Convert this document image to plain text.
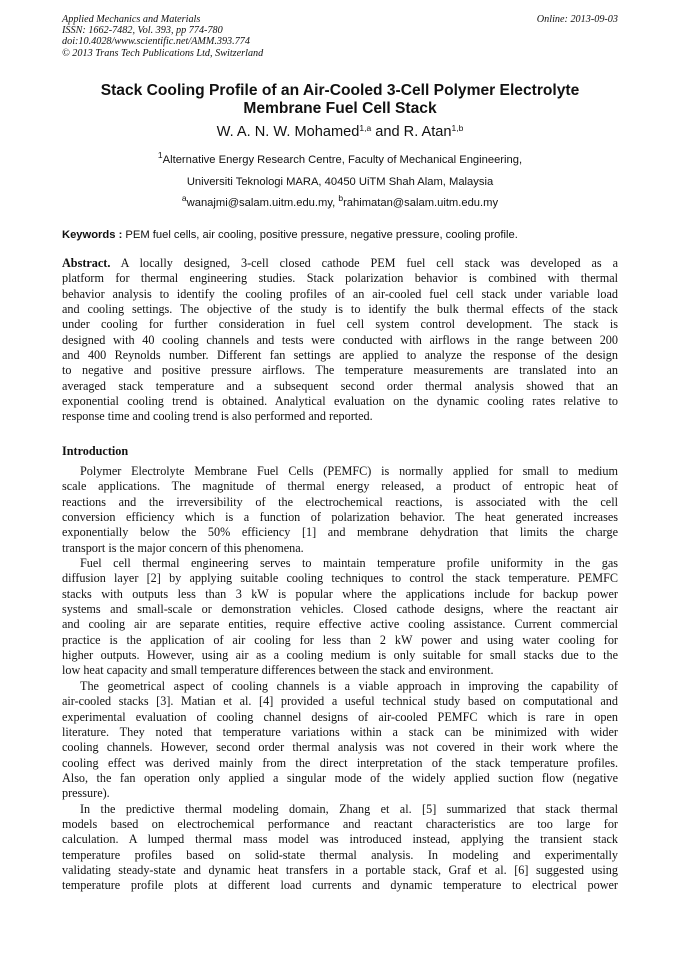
Applied Mechanics and Materials
ISSN: 1662-7482, Vol. 393, pp 774-780
doi:10.4028/www.scientific.net/AMM.393.774
© 2013 Trans Tech Publications Ltd, Switzerland
Online: 2013-09-03
Stack Cooling Profile of an Air-Cooled 3-Cell Polymer Electrolyte
Membrane Fuel Cell Stack
W. A. N. W. Mohamed$^{1,a}$ and R. Atan$^{1,b}$
$^1$Alternative Energy Research Centre, Faculty of Mechanical Engineering,
Universiti Teknologi MARA, 40450 UiTM Shah Alam, Malaysia
$^a$wanajmi@salam.uitm.edu.my, $^b$rahimatan@salam.uitm.edu.my
Keywords : PEM fuel cells, air cooling, positive pressure, negative pressure, cooling profile.
Abstract. A locally designed, 3-cell closed cathode PEM fuel cell stack was developed as a
platform for thermal engineering studies. Stack polarization behavior is combined with thermal
behavior analysis to identify the cooling profiles of an air-cooled fuel cell stack under variable load
and cooling settings. The objective of the study is to identify the bulk thermal effects of the stack
under cooling for further consideration in fuel cell system control development. The stack is
designed with 40 cooling channels and tests were conducted with airflows in the range between 200
and 400 Reynolds number. Different fan settings are applied to analyze the response of the design
to negative and positive pressure airflows. The temperature measurements are translated into an
averaged stack temperature and a subsequent second order thermal analysis showed that an
exponential cooling trend is obtained. Analytical evaluation on the dynamic cooling rates relative to
response time and cooling trend is also performed and reported.
Introduction
Polymer Electrolyte Membrane Fuel Cells (PEMFC) is normally applied for small to medium
scale applications. The magnitude of thermal energy released, a product of entropic heat of
reactions and the irreversibility of the electrochemical reactions, is associated with the cell
conversion efficiency which is a function of polarization behavior. The heat generated increases
exponentially below the 50% efficiency [1] and membrane dehydration that limits the charge
transport is the major concern of this phenomena.
Fuel cell thermal engineering serves to maintain temperature profile uniformity in the gas
diffusion layer [2] by applying suitable cooling techniques to control the stack temperature. PEMFC
stacks with outputs less than 3 kW is popular where the applications include for backup power
systems and small-scale or demonstration vehicles. Closed cathode designs, where the reactant air
and cooling air are separate entities, require effective active cooling assistance. Current commercial
practice is the application of air cooling for less than 2 kW power and using water cooling for
higher outputs. However, using air as a cooling medium is only suitable for small stacks due to the
low heat capacity and small temperature differences between the stack and environment.
The geometrical aspect of cooling channels is a viable approach in improving the capability of
air-cooled stacks [3]. Matian et al. [4] provided a useful technical study based on computational and
experimental evaluation of cooling channel designs of air-cooled PEMFC which is rare in open
literature. They noted that temperature variations within a stack can be minimized with wider
cooling channels. However, second order thermal analysis was not covered in their work where the
cooling effect was derived mainly from the direct interpretation of the stack temperature profiles.
Also, the fan operation only applied a singular mode of the widely applied suction flow (negative
pressure).
In the predictive thermal modeling domain, Zhang et al. [5] summarized that stack thermal
models based on electrochemical performance and reactant characteristics are too large for
calculation. A lumped thermal mass model was introduced instead, applying the transient stack
temperature profiles based on solid-state thermal analysis. In modeling and experimentally
validating steady-state and dynamic heat transfers in a portable stack, Graf et al. [6] suggested using
temperature profile plots at different load currents and dynamic temperature to electrical power
